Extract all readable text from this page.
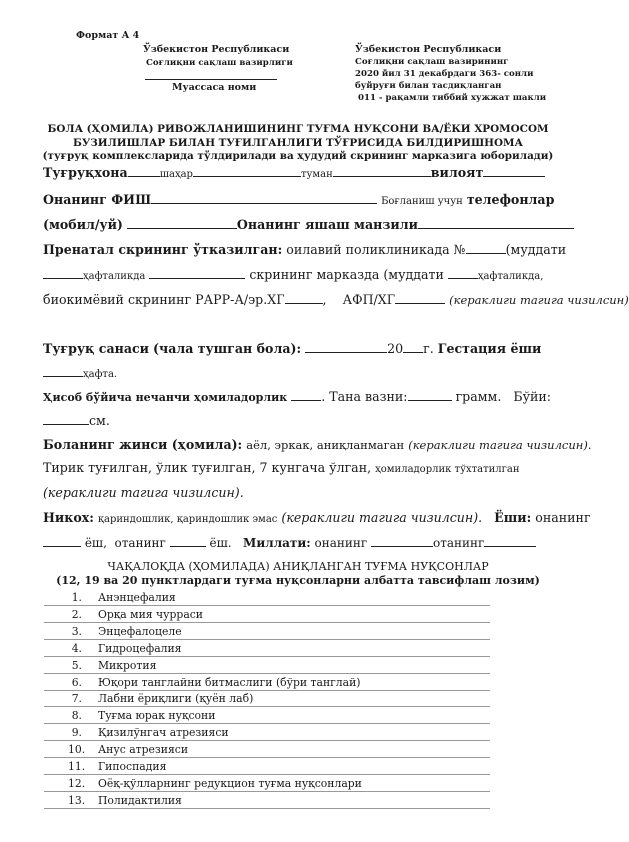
Формат А 4
Ўзбекистон Республикаси
Соғлиқни сақлаш вазирлиги
Муассаса номи
Ўзбекистон Республикаси
Соғлиқни сақлаш вазирининг
2020 йил 31 декабрдаги 363- сонли
буйруғи билан тасдиқланган
011 - рақамли тиббий хужжат шакли
БОЛА (ҲОМИЛА) РИВОЖЛАНИШИНИНГ ТУҒМА НУҚСОНИ ВА/ЁКИ ХРОМОСОМ
БУЗИЛИШЛАР БИЛАН ТУҒИЛГАНЛИГИ ТЎҒРИСИДА БИЛДИРИШНОМА
(туғруқ комплексларида тўлдирилади ва ҳудудий скрининг марказига юборилади)
Туғруқхона	шаҳар	туман	вилоят
Онанинг ФИШ	Боғланиш учун телефонлар
(мобил/уй)	Онанинг яшаш манзили
Пренатал скрининг ўтказилган: оилавий поликлиникада №	(муддати
ҳафталикда	скрининг марказда (муддати	ҳафталикда,
биокимёвий скрининг РАРР-А/эр.ХГ	,    АФП/ХГ	(кераклиги тагига чизилсин)
Туғруқ санаси (чала тушган бола):	20 г. Гестация ёши
ҳафта.
Ҳисоб бўйича нечанчи ҳомиладорлик	. Тана вазни:	грамм. Бўйи:
см.
Боланинг жинси (ҳомила): аёл, эркак, аниқланмаган (кераклиги тагига чизилсин).
Тирик туғилган, ўлик туғилган, 7 кунгача ўлган, ҳомиладорлик тўхтатилган
(кераклиги тагига чизилсин).
Никох: қариндошлик, қариндошлик эмас (кераклиги тагига чизилсин). Ёши: онанинг
ёш, отанинг	ёш. Миллати: онанинг	отанинг
ЧАҚАЛОҚДА (ҲОМИЛАДА) АНИҚЛАНГАН ТУҒМА НУҚСОНЛАР
(12, 19 ва 20 пунктлардаги туғма нуқсонларни албатта тавсифлаш лозим)
1. Анэнцефалия
2. Орқа мия чурраси
3. Энцефалоцеле
4. Гидроцефалия
5. Микротия
6. Юқори танглайни битмаслиги (бўри танглай)
7. Лабни ёриқлиги (қуён лаб)
8. Туғма юрак нуқсони
9. Қизилўнгач атрезияси
10. Анус атрезияси
11. Гипоспадия
12. Оёқ-қўлларнинг редукцион туғма нуқсонлари
13. Полидактилия
